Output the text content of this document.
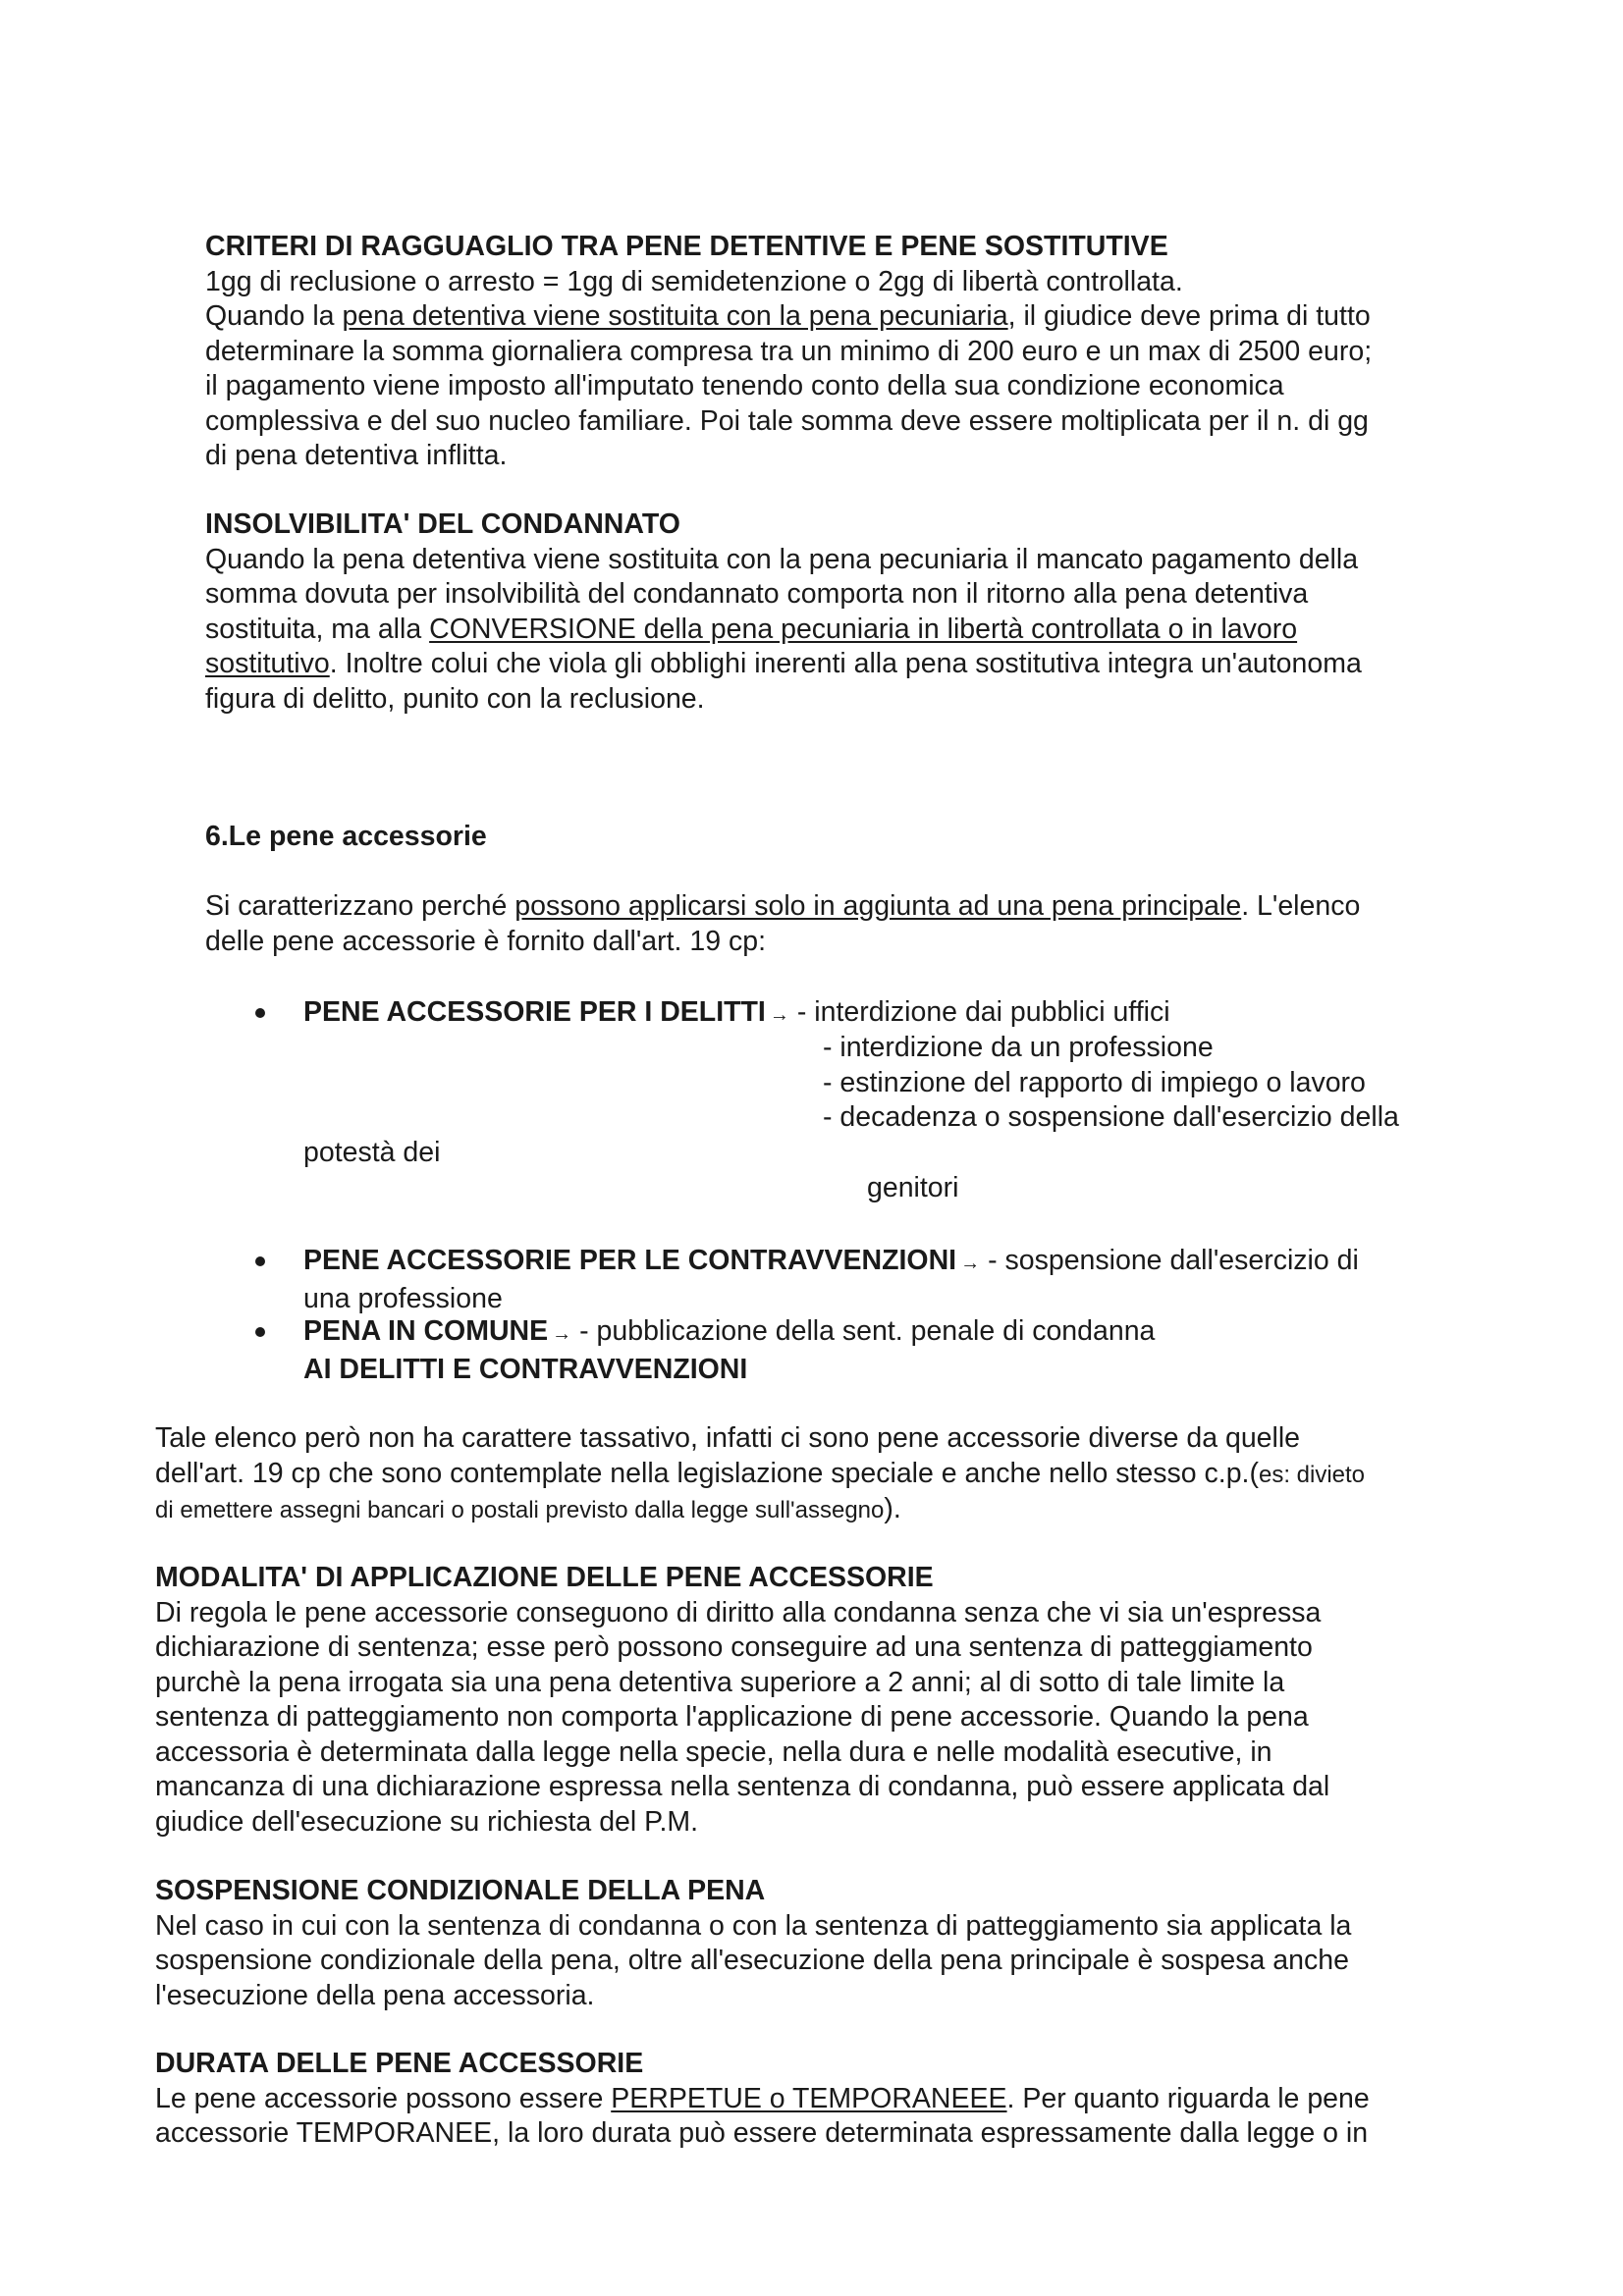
CRITERI DI RAGGUAGLIO TRA PENE DETENTIVE E PENE SOSTITUTIVE
1gg di reclusione o arresto = 1gg di semidetenzione o 2gg di libertà controllata.
Quando la pena detentiva viene sostituita con la pena pecuniaria, il giudice deve prima di tutto
determinare la somma giornaliera compresa tra un minimo di 200 euro e un max di 2500 euro;
il pagamento viene imposto all'imputato tenendo conto della sua condizione economica
complessiva e del suo nucleo familiare. Poi tale somma deve essere moltiplicata per il n. di gg
di pena detentiva inflitta.
INSOLVIBILITA' DEL CONDANNATO
Quando la pena detentiva viene sostituita con la pena pecuniaria il mancato pagamento della
somma dovuta per insolvibilità del condannato comporta non il ritorno alla pena detentiva
sostituita, ma alla CONVERSIONE della pena pecuniaria in libertà controllata o in lavoro
sostitutivo. Inoltre colui che viola gli obblighi inerenti alla pena sostitutiva integra un'autonoma
figura di delitto, punito con la reclusione.
6.Le pene accessorie
Si caratterizzano perché possono applicarsi solo in aggiunta ad una pena principale. L'elenco
delle pene accessorie è fornito dall'art. 19 cp:
PENE ACCESSORIE PER I DELITTI → - interdizione dai pubblici uffici
- interdizione da un professione
- estinzione del rapporto di impiego o lavoro
- decadenza o sospensione dall'esercizio della
potestà dei
genitori
PENE ACCESSORIE PER LE CONTRAVVENZIONI → - sospensione dall'esercizio di
una professione
PENA IN COMUNE → - pubblicazione della sent. penale di condanna
AI DELITTI E CONTRAVVENZIONI
Tale elenco però non ha carattere tassativo, infatti ci sono pene accessorie diverse da quelle
dell'art. 19 cp che sono contemplate nella legislazione speciale e anche nello stesso c.p.(es: divieto
di emettere assegni bancari o postali previsto dalla legge sull'assegno).
MODALITA' DI APPLICAZIONE DELLE PENE ACCESSORIE
Di regola le pene accessorie conseguono di diritto alla condanna senza che vi sia un'espressa
dichiarazione di sentenza; esse però possono conseguire ad una sentenza di patteggiamento
purchè la pena irrogata sia una pena detentiva superiore a 2 anni; al di sotto di tale limite la
sentenza di patteggiamento non comporta l'applicazione di pene accessorie. Quando la pena
accessoria è determinata dalla legge nella specie, nella dura e nelle modalità esecutive, in
mancanza di una dichiarazione espressa nella sentenza di condanna, può essere applicata dal
giudice dell'esecuzione su richiesta del P.M.
SOSPENSIONE CONDIZIONALE DELLA PENA
Nel caso in cui con la sentenza di condanna o con la sentenza di patteggiamento sia applicata la
sospensione condizionale della pena, oltre all'esecuzione della pena principale è sospesa anche
l'esecuzione della pena accessoria.
DURATA DELLE PENE ACCESSORIE
Le pene accessorie possono essere PERPETUE o TEMPORANEEE. Per quanto riguarda le pene
accessorie TEMPORANEE, la loro durata può essere determinata espressamente dalla legge o in
